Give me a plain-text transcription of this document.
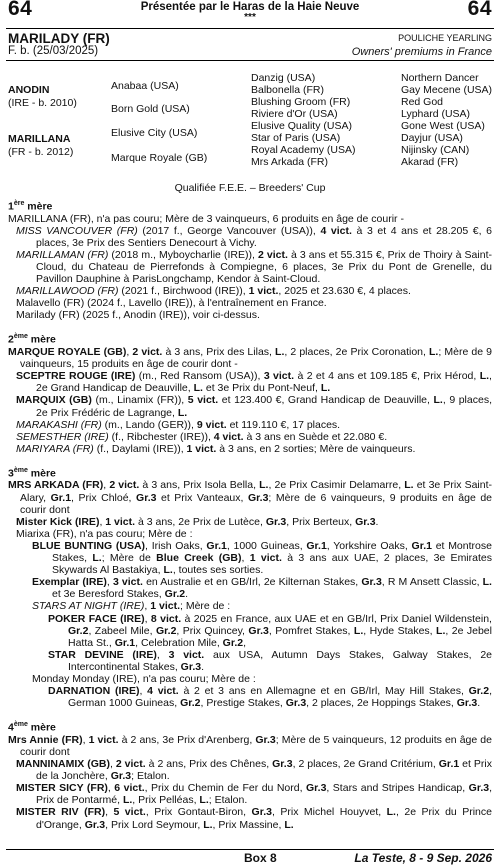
64	64
Présentée par le Haras de la Haie Neuve
***
MARILADY (FR)
F. b. (25/03/2025)
POULICHE YEARLING
Owners' premiums in France
ANODIN
(IRE - b. 2010)
MARILLANA
(FR - b. 2012)
Anabaa (USA)
Born Gold (USA)
Elusive City (USA)
Marque Royale (GB)
Danzig (USA)
Balbonella (FR)
Blushing Groom (FR)
Riviere d'Or (USA)
Elusive Quality (USA)
Star of Paris (USA)
Royal Academy (USA)
Mrs Arkada (FR)
Northern Dancer
Gay Mecene (USA)
Red God
Lyphard (USA)
Gone West (USA)
Dayjur (USA)
Nijinsky (CAN)
Akarad (FR)
Qualifiée F.E.E. – Breeders' Cup
1ère mère

MARILLANA (FR), n'a pas couru; Mère de 3 vainqueurs, 6 produits en âge de courir -

MISS VANCOUVER (FR) (2017 f., George Vancouver (USA)), 4 vict. à 3 et 4 ans et 28.205 €, 6 places, 3e Prix des Sentiers Denecourt à Vichy.

MARILLAMAN (FR) (2018 m., Myboycharlie (IRE)), 2 vict. à 3 ans et 55.315 €, Prix de Thoiry à Saint-Cloud, du Chateau de Pierrefonds à Compiegne, 6 places, 3e Prix du Pont de Grenelle, du Pavillon Dauphine à ParisLongchamp, Kendor à Saint-Cloud.

MARILLAWOOD (FR) (2021 f., Birchwood (IRE)), 1 vict., 2025 et 23.630 €, 4 places.

Malavello (FR) (2024 f., Lavello (IRE)), à l'entraînement en France.

Marilady (FR) (2025 f., Anodin (IRE)), voir ci-dessus.

2ème mère

MARQUE ROYALE (GB), 2 vict. à 3 ans, Prix des Lilas, L., 2 places, 2e Prix Coronation, L.; Mère de 9 vainqueurs, 15 produits en âge de courir dont -

SCEPTRE ROUGE (IRE) (m., Red Ransom (USA)), 3 vict. à 2 et 4 ans et 109.185 €, Prix Hérod, L., 2e Grand Handicap de Deauville, L. et 3e Prix du Pont-Neuf, L.

MARQUIX (GB) (m., Linamix (FR)), 5 vict. et 123.400 €, Grand Handicap de Deauville, L., 9 places, 2e Prix Frédéric de Lagrange, L.

MARAKASHI (FR) (m., Lando (GER)), 9 vict. et 119.110 €, 17 places.

SEMESTHER (IRE) (f., Ribchester (IRE)), 4 vict. à 3 ans en Suède et 22.080 €.

MARIYARA (FR) (f., Daylami (IRE)), 1 vict. à 3 ans, en 2 sorties; Mère de vainqueurs.

3ème mère

MRS ARKADA (FR), 2 vict. à 3 ans, Prix Isola Bella, L., 2e Prix Casimir Delamarre, L. et 3e Prix Saint-Alary, Gr.1, Prix Chloé, Gr.3 et Prix Vanteaux, Gr.3; Mère de 6 vainqueurs, 9 produits en âge de courir dont

Mister Kick (IRE), 1 vict. à 3 ans, 2e Prix de Lutèce, Gr.3, Prix Berteux, Gr.3.

Miarixa (FR), n'a pas couru; Mère de :

BLUE BUNTING (USA), Irish Oaks, Gr.1, 1000 Guineas, Gr.1, Yorkshire Oaks, Gr.1 et Montrose Stakes, L.; Mère de Blue Creek (GB), 1 vict. à 3 ans aux UAE, 2 places, 3e Emirates Skywards Al Bastakiya, L., toutes ses sorties.

Exemplar (IRE), 3 vict. en Australie et en GB/Irl, 2e Kilternan Stakes, Gr.3, R M Ansett Classic, L. et 3e Beresford Stakes, Gr.2.

STARS AT NIGHT (IRE), 1 vict.; Mère de :

POKER FACE (IRE), 8 vict. à 2025 en France, aux UAE et en GB/Irl, Prix Daniel Wildenstein, Gr.2, Zabeel Mile, Gr.2, Prix Quincey, Gr.3, Pomfret Stakes, L., Hyde Stakes, L., 2e Jebel Hatta St., Gr.1, Celebration Mile, Gr.2,

STAR DEVINE (IRE), 3 vict. aux USA, Autumn Days Stakes, Galway Stakes, 2e Intercontinental Stakes, Gr.3.

Monday Monday (IRE), n'a pas couru; Mère de :

DARNATION (IRE), 4 vict. à 2 et 3 ans en Allemagne et en GB/Irl, May Hill Stakes, Gr.2, German 1000 Guineas, Gr.2, Prestige Stakes, Gr.3, 2 places, 2e Hoppings Stakes, Gr.3.

4ème mère

Mrs Annie (FR), 1 vict. à 2 ans, 3e Prix d'Arenberg, Gr.3; Mère de 5 vainqueurs, 12 produits en âge de courir dont

MANNINAMIX (GB), 2 vict. à 2 ans, Prix des Chênes, Gr.3, 2 places, 2e Grand Critérium, Gr.1 et Prix de la Jonchère, Gr.3; Etalon.

MISTER SICY (FR), 6 vict., Prix du Chemin de Fer du Nord, Gr.3, Stars and Stripes Handicap, Gr.3, Prix de Pontarmé, L., Prix Pelléas, L.; Etalon.

MISTER RIV (FR), 5 vict., Prix Gontaut-Biron, Gr.3, Prix Michel Houyvet, L., 2e Prix du Prince d'Orange, Gr.3, Prix Lord Seymour, L., Prix Massine, L.

Box 8	La Teste, 8 - 9 Sep. 2026
